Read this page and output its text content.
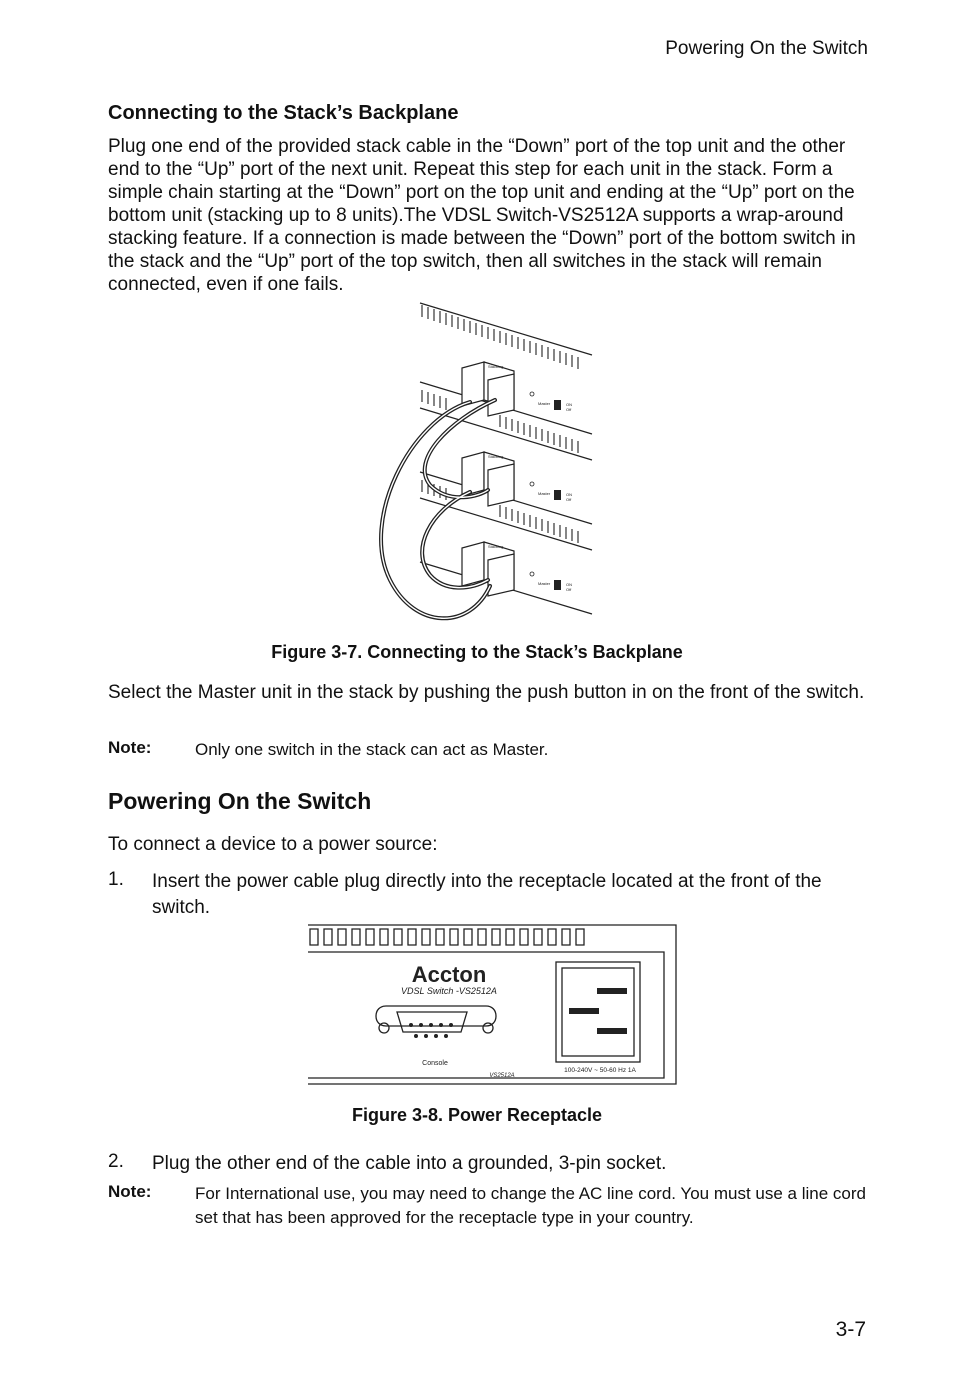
Powering On the Switch
Connecting to the Stack’s Backplane

Plug one end of the provided stack cable in the “Down” port of the top unit and the other end to the “Up” port of the next unit. Repeat this step for each unit in the stack. Form a simple chain starting at the “Down” port on the top unit and ending at the “Up” port on the bottom unit (stacking up to 8 units).The VDSL Switch-VS2512A supports a wrap-around stacking feature. If a connection is made between the “Down” port of the bottom switch in the stack and the “Up” port of the top switch, then all switches in the stack will remain connected, even if one fails.

Stacking
Master
Stacking
Master
Stacking
Master
ON
Off
ON
Off
ON
Off
Figure 3-7. Connecting to the Stack’s Backplane

Select the Master unit in the stack by pushing the push button in on the front of the switch.

Note:	Only one switch in the stack can act as Master.
Powering On the Switch

To connect a device to a power source:

1. Insert the power cable plug directly into the receptacle located at the front of the switch.
Accton
VDSL Switch -VS2512A
Console
VS2512A
100-240V ~ 50-60 Hz 1A
Figure 3-8. Power Receptacle
2. Plug the other end of the cable into a grounded, 3-pin socket.
Note:	For International use, you may need to change the AC line cord. You must use a line cord set that has been approved for the receptacle type in your country.
3-7
